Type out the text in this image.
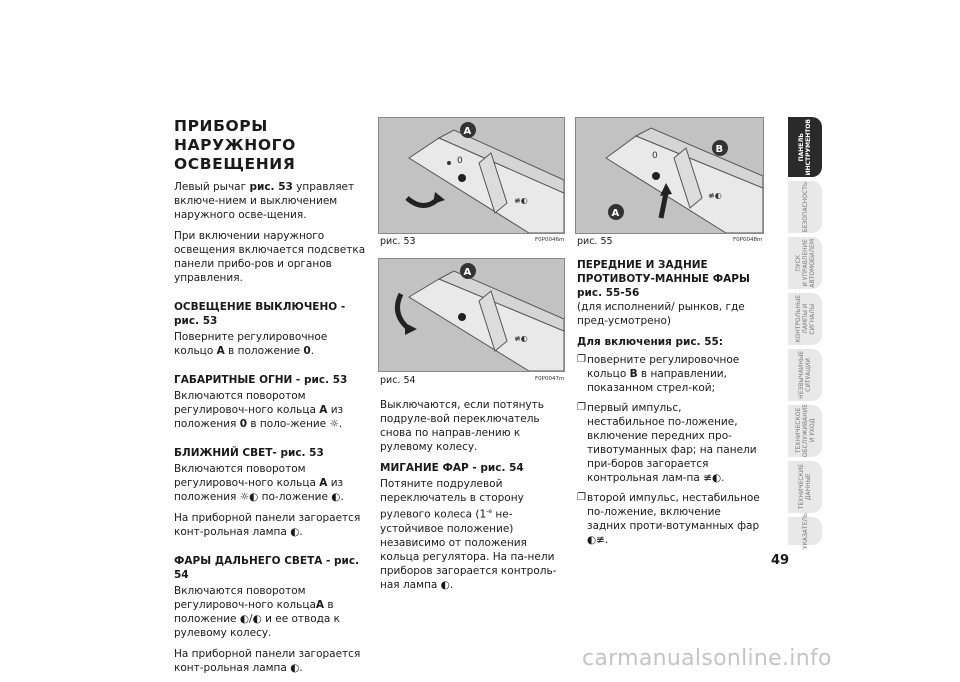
ПРИБОРЫ НАРУЖНОГО ОСВЕЩЕНИЯ

Левый рычаг рис. 53 управляет включе-нием и выключением наружного осве-щения.

При включении наружного освещения включается подсветка панели прибо-ров и органов управления.

ОСВЕЩЕНИЕ ВЫКЛЮЧЕНО - рис. 53

Поверните регулировочное кольцо A в положение 0.

ГАБАРИТНЫЕ ОГНИ - рис. 53

Включаются поворотом регулировоч-ного кольца A из положения 0 в поло-жение ☼.

БЛИЖНИЙ СВЕТ- рис. 53

Включаются поворотом регулировоч-ного кольца A из положения ☼◐ по-ложение ◐.

На приборной панели загорается конт-рольная лампа ◐.

ФАРЫ ДАЛЬНЕГО СВЕТА - рис. 54

Включаются поворотом регулировоч-ного кольцаA в положение ◐/◐ и ее отвода к рулевому колесу.

На приборной панели загорается конт-рольная лампа ◐.

0
≢◐
A
рис. 53	F0P0046m
≢◐
A
рис. 54	F0P0047m

Выключаются, если потянуть подруле-вой переключатель снова по направ-лению к рулевому колесу.

МИГАНИЕ ФАР - рис. 54

Потяните подрулевой переключатель в сторону рулевого колеса ($1^{-е}$ не-устойчивое положение) независимо от положения кольца регулятора. На па-нели приборов загорается контроль-ная лампа ◐.

0
≢◐
B
A
рис. 55	F0P0048m
ПЕРЕДНИЕ И ЗАДНИЕ ПРОТИВОТУ-МАННЫЕ ФАРЫ рис. 55-56

(для исполнений/ рынков, где пред-усмотрено)

Для включения рис. 55:
❐ поверните регулировочное кольцо B в направлении, показанном стрел-кой;
❐ первый импульс, нестабильное по-ложение, включение передних про-тивотуманных фар; на панели при-боров загорается контрольная лам-па ≢◐.
❐ второй импульс, нестабильное по-ложение, включение задних проти-вотуманных фар ◐≢.
ПАНЕЛЬ
ИНСТРУМЕНТОВ
БЕЗОПАСНОСТЬ
ПУСК
И УПРАВЛЕНИЕ
АВТОМОБИЛЕМ
КОНТРОЛЬНЫЕ
ЛАМПЫ И
СИГНАЛЫ
НЕЗВЫЧАЙНЫЕ
СИТУАЦИИ
ТЕХНИЧЕСКОЕ
ОБСЛУЖИВАНИЕ
И УХОД
ТЕХНИЧЕСКИЕ
ДАННЫЕ
УКАЗАТЕЛЬ
49
carmanualsonline.info
